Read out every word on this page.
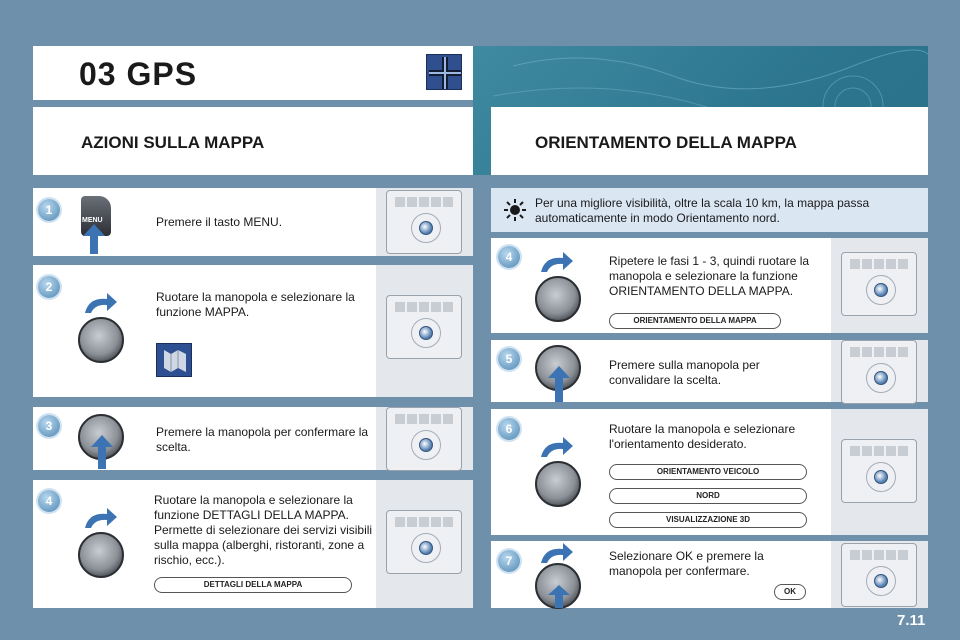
03 GPS
AZIONI SULLA MAPPA	ORIENTAMENTO DELLA MAPPA
1
MENU	Premere il tasto MENU.
2
Ruotare la manopola e selezionare la funzione MAPPA.
3	Premere la manopola per confermare la scelta.
4	Ruotare la manopola e selezionare la funzione DETTAGLI DELLA MAPPA. Permette di selezionare dei servizi visibili sulla mappa (alberghi, ristoranti, zone a rischio, ecc.).
DETTAGLI DELLA MAPPA
Per una migliore visibilità, oltre la scala 10 km, la mappa passa automaticamente in modo Orientamento nord.
4	Ripetere le fasi 1 - 3, quindi ruotare la manopola e selezionare la funzione ORIENTAMENTO DELLA MAPPA.
ORIENTAMENTO DELLA MAPPA
5	Premere sulla manopola per convalidare la scelta.
6	Ruotare la manopola e selezionare l'orientamento desiderato.
ORIENTAMENTO VEICOLO
NORD
VISUALIZZAZIONE 3D
7	Selezionare OK e premere la manopola per confermare.
OK
7.11
